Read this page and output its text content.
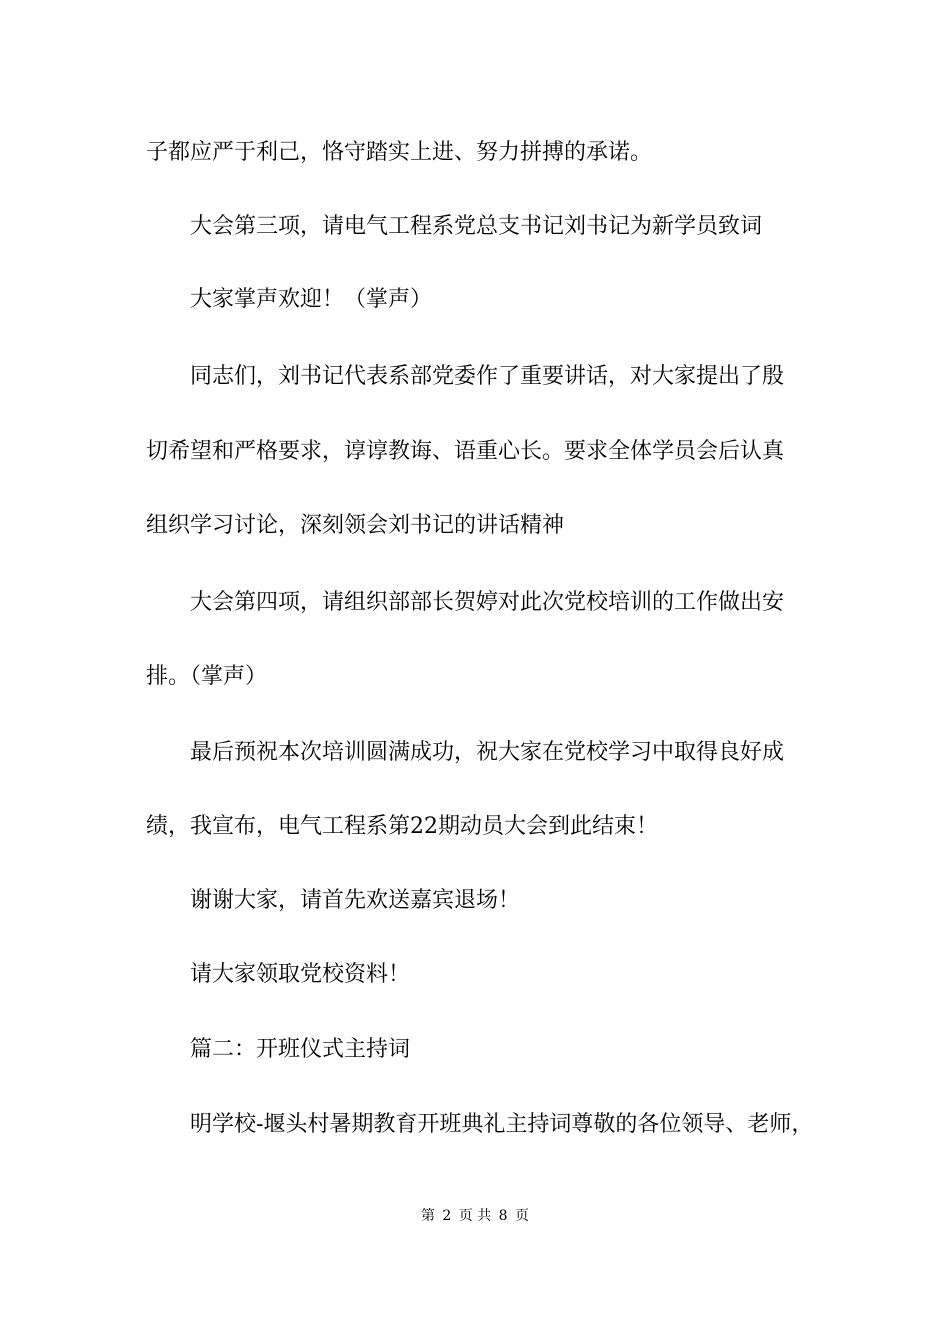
子都应严于利己，恪守踏实上进、努力拼搏的承诺。
大会第三项，请电气工程系党总支书记刘书记为新学员致词
大家掌声欢迎！（掌声）
同志们，刘书记代表系部党委作了重要讲话，对大家提出了殷
切希望和严格要求，谆谆教诲、语重心长。要求全体学员会后认真
组织学习讨论，深刻领会刘书记的讲话精神
大会第四项，请组织部部长贺婷对此次党校培训的工作做出安
排。（掌声）
最后预祝本次培训圆满成功，祝大家在党校学习中取得良好成
绩，我宣布，电气工程系第22期动员大会到此结束！
谢谢大家，请首先欢送嘉宾退场！
请大家领取党校资料！
篇二：开班仪式主持词
明学校-堰头村暑期教育开班典礼主持词尊敬的各位领导、老师，
第 2 页 共 8 页
